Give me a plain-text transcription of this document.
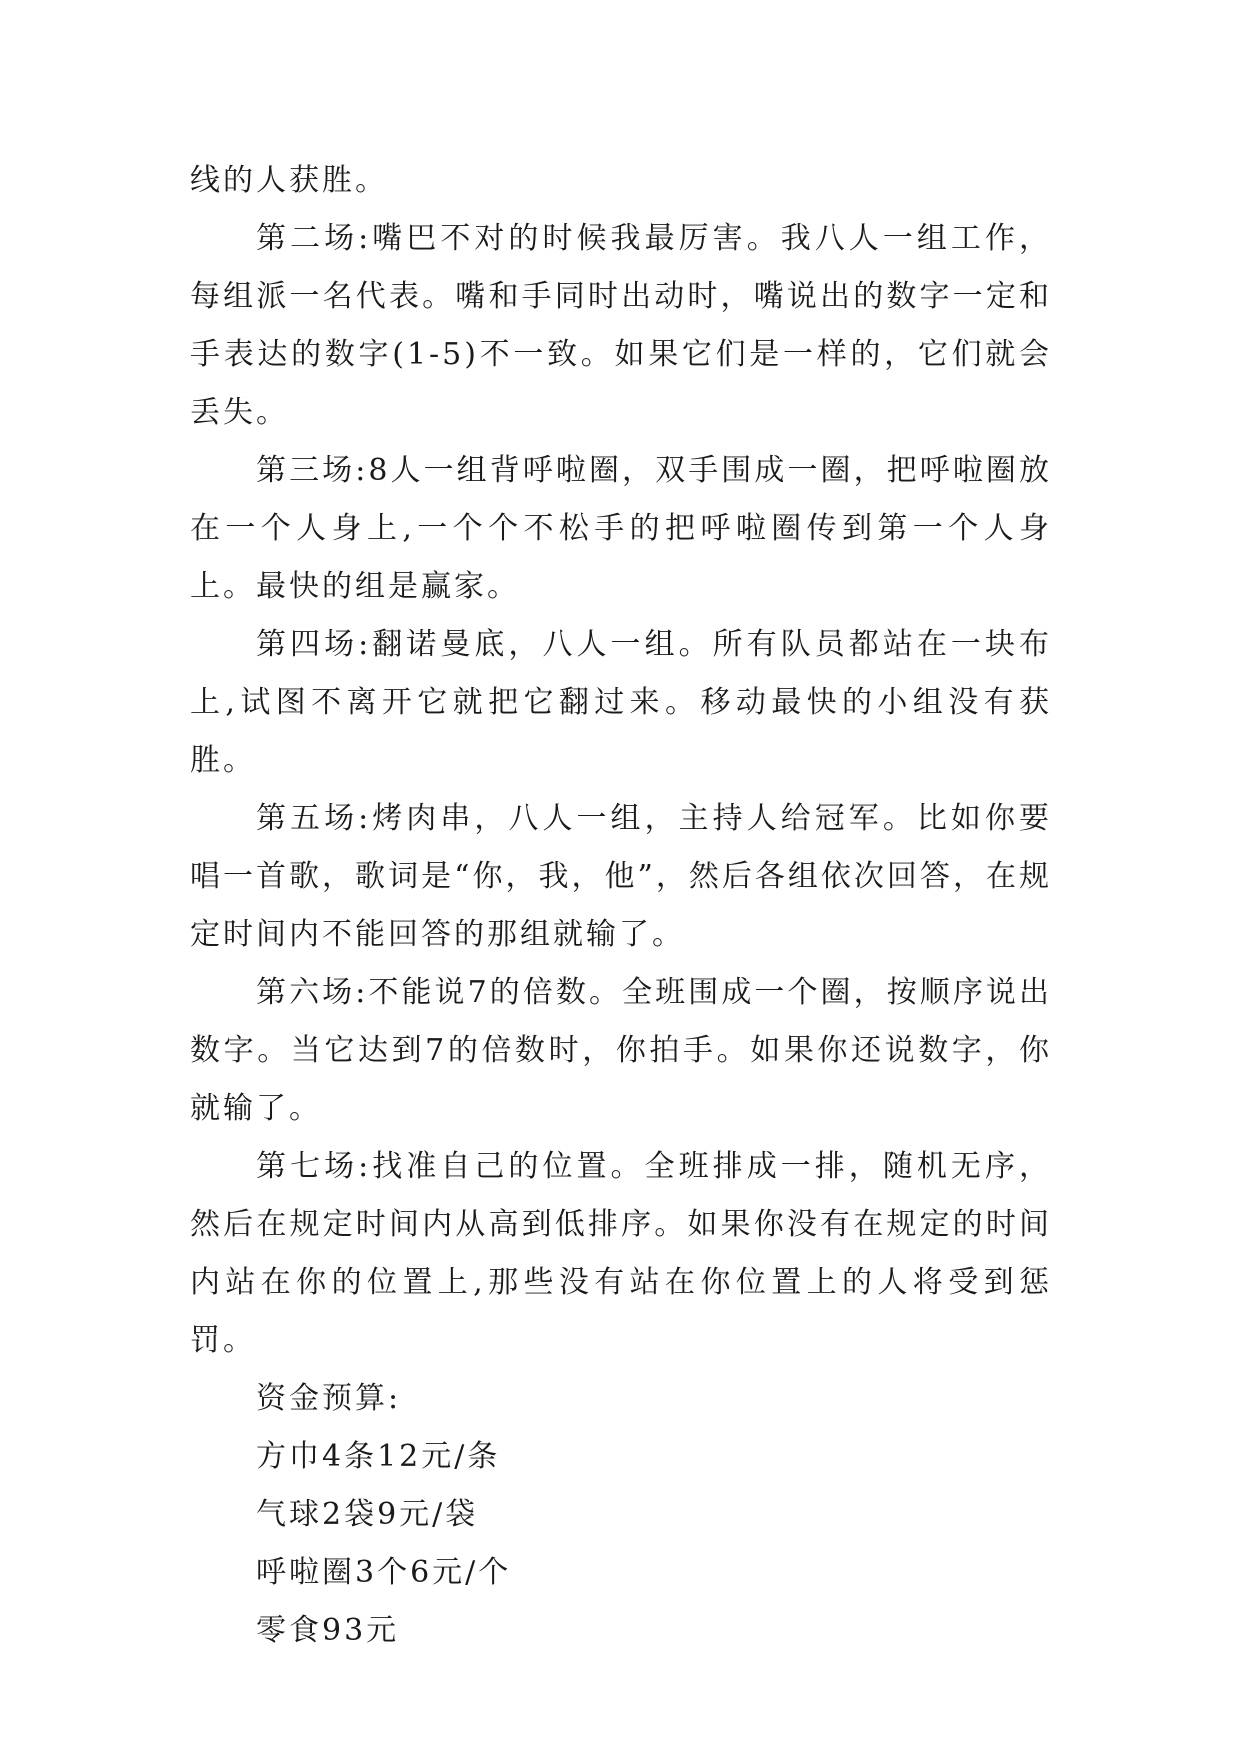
线的人获胜。

第二场:嘴巴不对的时候我最厉害。我八人一组工作，每组派一名代表。嘴和手同时出动时，嘴说出的数字一定和手表达的数字(1-5)不一致。如果它们是一样的，它们就会丢失。

第三场:8人一组背呼啦圈，双手围成一圈，把呼啦圈放在一个人身上,一个个不松手的把呼啦圈传到第一个人身上。最快的组是赢家。

第四场:翻诺曼底，八人一组。所有队员都站在一块布上,试图不离开它就把它翻过来。移动最快的小组没有获胜。

第五场:烤肉串，八人一组，主持人给冠军。比如你要唱一首歌，歌词是“你，我，他”，然后各组依次回答，在规定时间内不能回答的那组就输了。

第六场:不能说7的倍数。全班围成一个圈，按顺序说出数字。当它达到7的倍数时，你拍手。如果你还说数字，你就输了。

第七场:找准自己的位置。全班排成一排，随机无序，然后在规定时间内从高到低排序。如果你没有在规定的时间内站在你的位置上,那些没有站在你位置上的人将受到惩罚。

资金预算:

方巾4条12元/条

气球2袋9元/袋

呼啦圈3个6元/个

零食93元
